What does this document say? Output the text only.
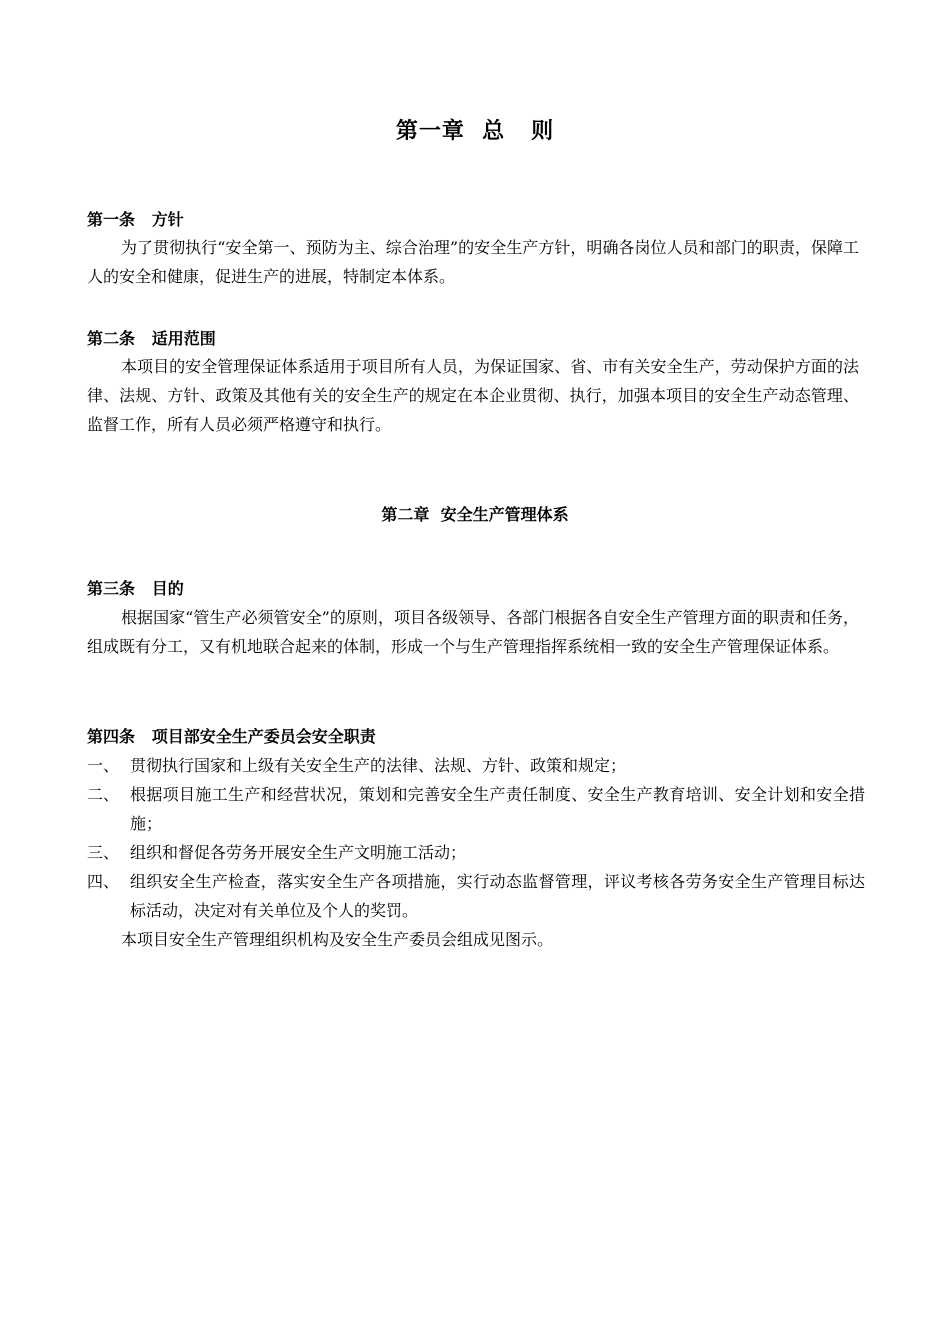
第一章  总   则
第一条   方针

为了贯彻执行“安全第一、预防为主、综合治理”的安全生产方针，明确各岗位人员和部门的职责，保障工人的安全和健康，促进生产的进展，特制定本体系。

第二条   适用范围

本项目的安全管理保证体系适用于项目所有人员，为保证国家、省、市有关安全生产，劳动保护方面的法律、法规、方针、政策及其他有关的安全生产的规定在本企业贯彻、执行，加强本项目的安全生产动态管理、监督工作，所有人员必须严格遵守和执行。

第二章  安全生产管理体系
第三条   目的

根据国家“管生产必须管安全”的原则，项目各级领导、各部门根据各自安全生产管理方面的职责和任务，组成既有分工，又有机地联合起来的体制，形成一个与生产管理指挥系统相一致的安全生产管理保证体系。

第四条   项目部安全生产委员会安全职责
一、 贯彻执行国家和上级有关安全生产的法律、法规、方针、政策和规定；
二、 根据项目施工生产和经营状况，策划和完善安全生产责任制度、安全生产教育培训、安全计划和安全措施；
三、 组织和督促各劳务开展安全生产文明施工活动；
四、 组织安全生产检查，落实安全生产各项措施，实行动态监督管理，评议考核各劳务安全生产管理目标达标活动，决定对有关单位及个人的奖罚。

本项目安全生产管理组织机构及安全生产委员会组成见图示。
